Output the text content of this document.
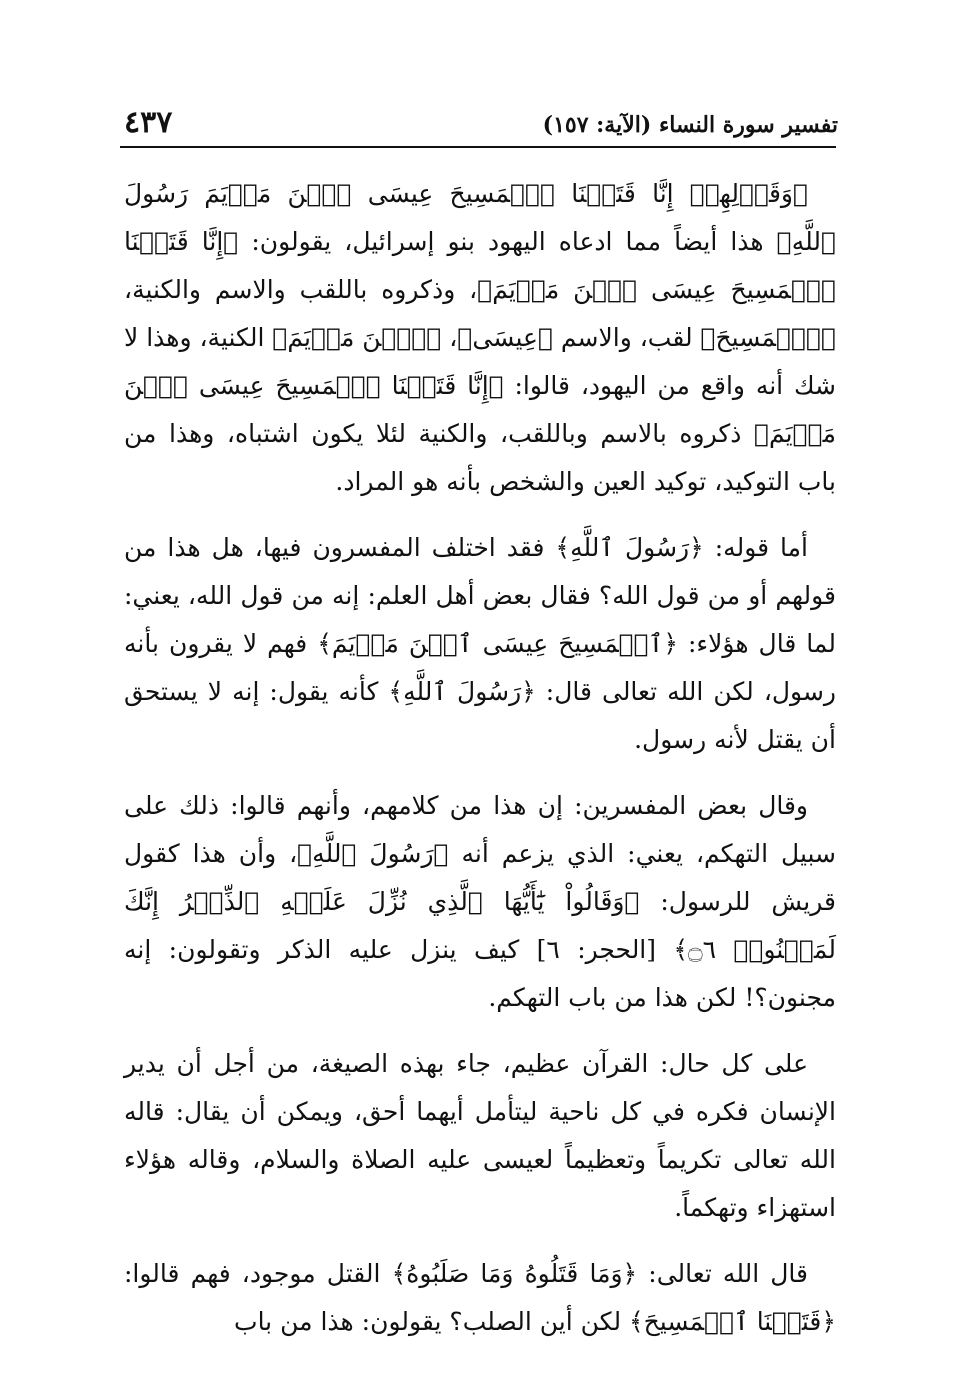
تفسير سورة النساء (الآية: ١٥٧)
٤٣٧

﴿وَقَوۡلِهِمۡ إِنَّا قَتَلۡنَا ٱلۡمَسِيحَ عِيسَى ٱبۡنَ مَرۡيَمَ رَسُولَ ٱللَّهِ﴾ هذا أيضاً مما ادعاه اليهود بنو إسرائيل، يقولون: ﴿إِنَّا قَتَلۡنَا ٱلۡمَسِيحَ عِيسَى ٱبۡنَ مَرۡيَمَ﴾، وذكروه باللقب والاسم والكنية، ﴿ٱلۡمَسِيحَ﴾ لقب، والاسم ﴿عِيسَى﴾، ﴿ٱبۡنَ مَرۡيَمَ﴾ الكنية، وهذا لا شك أنه واقع من اليهود، قالوا: ﴿إِنَّا قَتَلۡنَا ٱلۡمَسِيحَ عِيسَى ٱبۡنَ مَرۡيَمَ﴾ ذكروه بالاسم وباللقب، والكنية لئلا يكون اشتباه، وهذا من باب التوكيد، توكيد العين والشخص بأنه هو المراد.

أما قوله: ﴿رَسُولَ ٱللَّهِ﴾ فقد اختلف المفسرون فيها، هل هذا من قولهم أو من قول الله؟ فقال بعض أهل العلم: إنه من قول الله، يعني: لما قال هؤلاء: ﴿ٱلۡمَسِيحَ عِيسَى ٱبۡنَ مَرۡيَمَ﴾ فهم لا يقرون بأنه رسول، لكن الله تعالى قال: ﴿رَسُولَ ٱللَّهِ﴾ كأنه يقول: إنه لا يستحق أن يقتل لأنه رسول.

وقال بعض المفسرين: إن هذا من كلامهم، وأنهم قالوا: ذلك على سبيل التهكم، يعني: الذي يزعم أنه ﴿رَسُولَ ٱللَّهِ﴾، وأن هذا كقول قريش للرسول: ﴿وَقَالُواْ يَٰٓأَيُّهَا ٱلَّذِي نُزِّلَ عَلَيۡهِ ٱلذِّكۡرُ إِنَّكَ لَمَجۡنُونٞ ۝٦﴾ [الحجر: ٦] كيف ينزل عليه الذكر وتقولون: إنه مجنون؟! لكن هذا من باب التهكم.

على كل حال: القرآن عظيم، جاء بهذه الصيغة، من أجل أن يدير الإنسان فكره في كل ناحية ليتأمل أيهما أحق، ويمكن أن يقال: قاله الله تعالى تكريماً وتعظيماً لعيسى عليه الصلاة والسلام، وقاله هؤلاء استهزاء وتهكماً.

قال الله تعالى: ﴿وَمَا قَتَلُوهُ وَمَا صَلَبُوهُ﴾ القتل موجود، فهم قالوا: ﴿قَتَلۡنَا ٱلۡمَسِيحَ﴾ لكن أين الصلب؟ يقولون: هذا من باب
